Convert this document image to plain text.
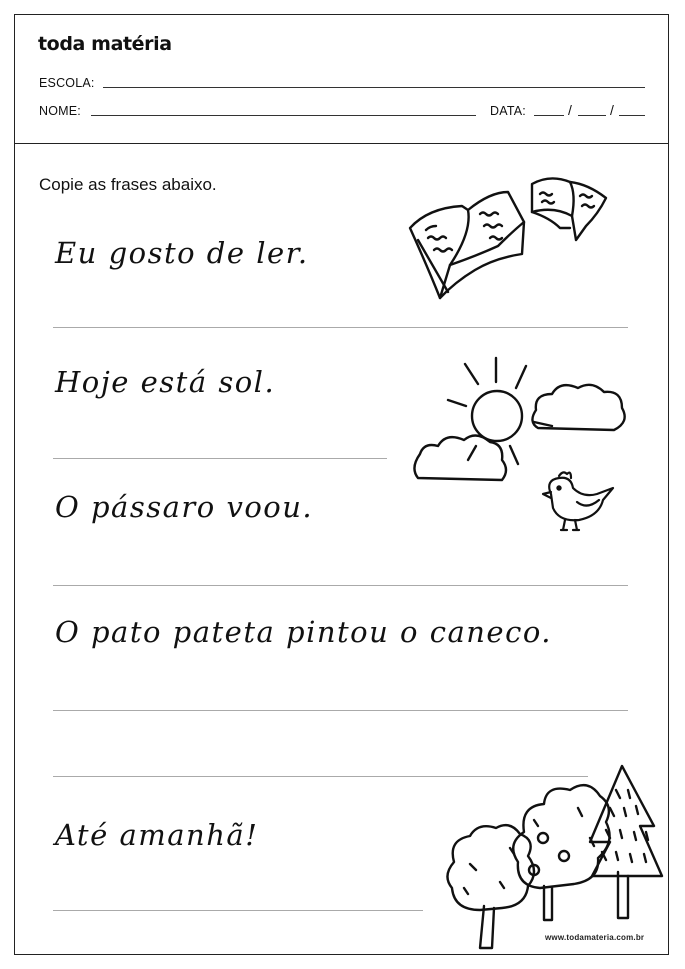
toda matéria
ESCOLA:
NOME:	DATA:	/	/
Copie as frases abaixo.
Eu gosto de ler.
Hoje está sol.
O pássaro voou.
O pato pateta pintou o caneco.
Até amanhã!
www.todamateria.com.br
